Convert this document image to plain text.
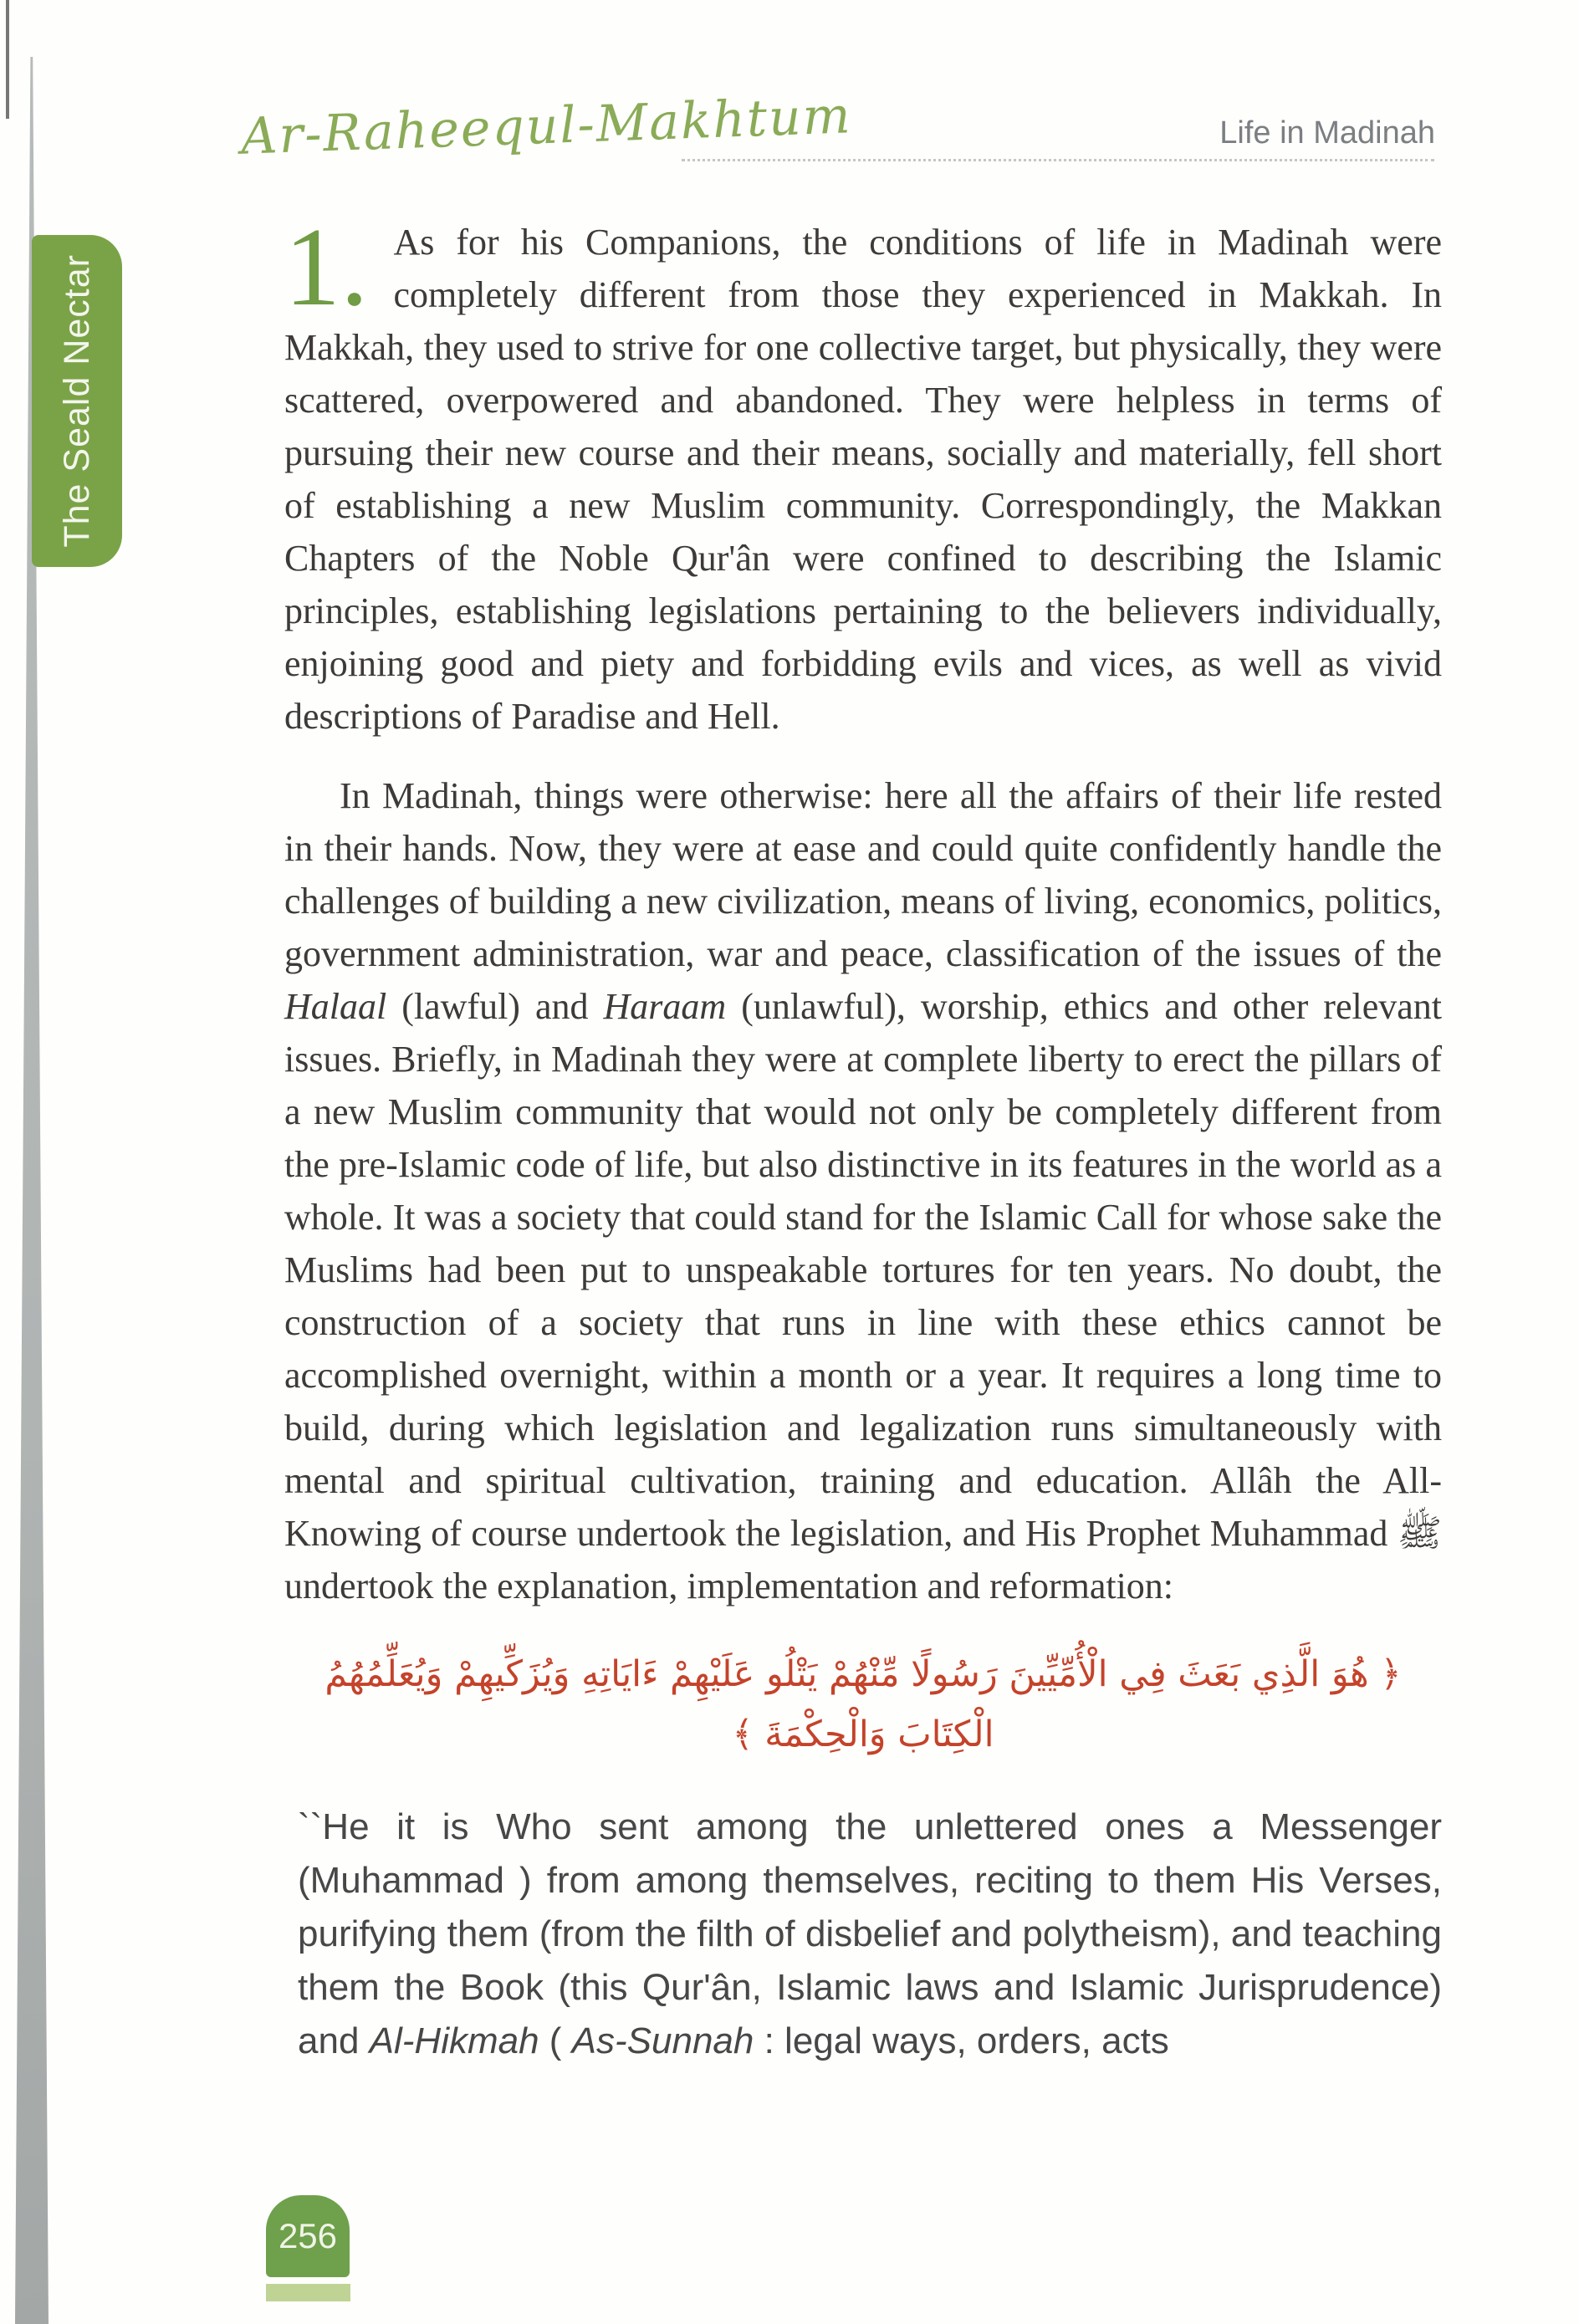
The Seald Nectar
Ar-Raheequl-Makhtum	Life in Madinah

1. As for his Companions, the conditions of life in Madinah were completely different from those they experienced in Makkah. In Makkah, they used to strive for one collective target, but physically, they were scattered, overpowered and abandoned. They were helpless in terms of pursuing their new course and their means, socially and materially, fell short of establishing a new Muslim community. Correspondingly, the Makkan Chapters of the Noble Qur'ân were confined to describing the Islamic principles, establishing legislations pertaining to the believers individually, enjoining good and piety and forbidding evils and vices, as well as vivid descriptions of Paradise and Hell.

In Madinah, things were otherwise: here all the affairs of their life rested in their hands. Now, they were at ease and could quite confidently handle the challenges of building a new civilization, means of living, economics, politics, government administration, war and peace, classification of the issues of the Halaal (lawful) and Haraam (unlawful), worship, ethics and other relevant issues. Briefly, in Madinah they were at complete liberty to erect the pillars of a new Muslim community that would not only be completely different from the pre-Islamic code of life, but also distinctive in its features in the world as a whole. It was a society that could stand for the Islamic Call for whose sake the Muslims had been put to unspeakable tortures for ten years. No doubt, the construction of a society that runs in line with these ethics cannot be accomplished overnight, within a month or a year. It requires a long time to build, during which legislation and legalization runs simultaneously with mental and spiritual cultivation, training and education. Allâh the All-Knowing of course undertook the legislation, and His Prophet Muhammad ﷺ undertook the explanation, implementation and reformation:

﴿ هُوَ الَّذِي بَعَثَ فِي الْأُمِّيِّينَ رَسُولًا مِّنْهُمْ يَتْلُو عَلَيْهِمْ ءَايَاتِهِ وَيُزَكِّيهِمْ وَيُعَلِّمُهُمُ الْكِتَابَ وَالْحِكْمَةَ ﴾

``He it is Who sent among the unlettered ones a Messenger (Muhammad ) from among themselves, reciting to them His Verses, purifying them (from the filth of disbelief and polytheism), and teaching them the Book (this Qur'ân, Islamic laws and Islamic Jurisprudence) and Al-Hikmah ( As-Sunnah : legal ways, orders, acts

256
